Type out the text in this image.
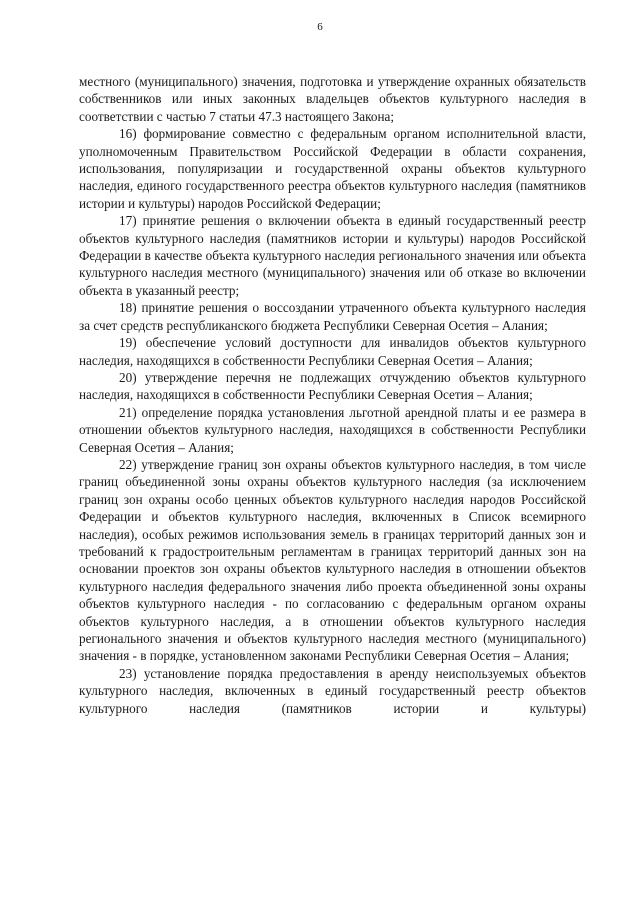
6

местного (муниципального) значения, подготовка и утверждение охранных обязательств собственников или иных законных владельцев объектов культурного наследия в соответствии с частью 7 статьи 47.3 настоящего Закона;

16) формирование совместно с федеральным органом исполнительной власти, уполномоченным Правительством Российской Федерации в области сохранения, использования, популяризации и государственной охраны объектов культурного наследия, единого государственного реестра объектов культурного наследия (памятников истории и культуры) народов Российской Федерации;

17) принятие решения о включении объекта в единый государственный реестр объектов культурного наследия (памятников истории и культуры) народов Российской Федерации в качестве объекта культурного наследия регионального значения или объекта культурного наследия местного (муниципального) значения или об отказе во включении объекта в указанный реестр;

18) принятие решения о воссоздании утраченного объекта культурного наследия за счет средств республиканского бюджета Республики Северная Осетия – Алания;

19) обеспечение условий доступности для инвалидов объектов культурного наследия, находящихся в собственности Республики Северная Осетия – Алания;

20) утверждение перечня не подлежащих отчуждению объектов культурного наследия, находящихся в собственности Республики Северная Осетия – Алания;

21) определение порядка установления льготной арендной платы и ее размера в отношении объектов культурного наследия, находящихся в собственности Республики Северная Осетия – Алания;

22) утверждение границ зон охраны объектов культурного наследия, в том числе границ объединенной зоны охраны объектов культурного наследия (за исключением границ зон охраны особо ценных объектов культурного наследия народов Российской Федерации и объектов культурного наследия, включенных в Список всемирного наследия), особых режимов использования земель в границах территорий данных зон и требований к градостроительным регламентам в границах территорий данных зон на основании проектов зон охраны объектов культурного наследия в отношении объектов культурного наследия федерального значения либо проекта объединенной зоны охраны объектов культурного наследия - по согласованию с федеральным органом охраны объектов культурного наследия, а в отношении объектов культурного наследия регионального значения и объектов культурного наследия местного (муниципального) значения - в порядке, установленном законами Республики Северная Осетия – Алания;

23) установление порядка предоставления в аренду неиспользуемых объектов культурного наследия, включенных в единый государственный реестр объектов культурного наследия (памятников истории и культуры)
